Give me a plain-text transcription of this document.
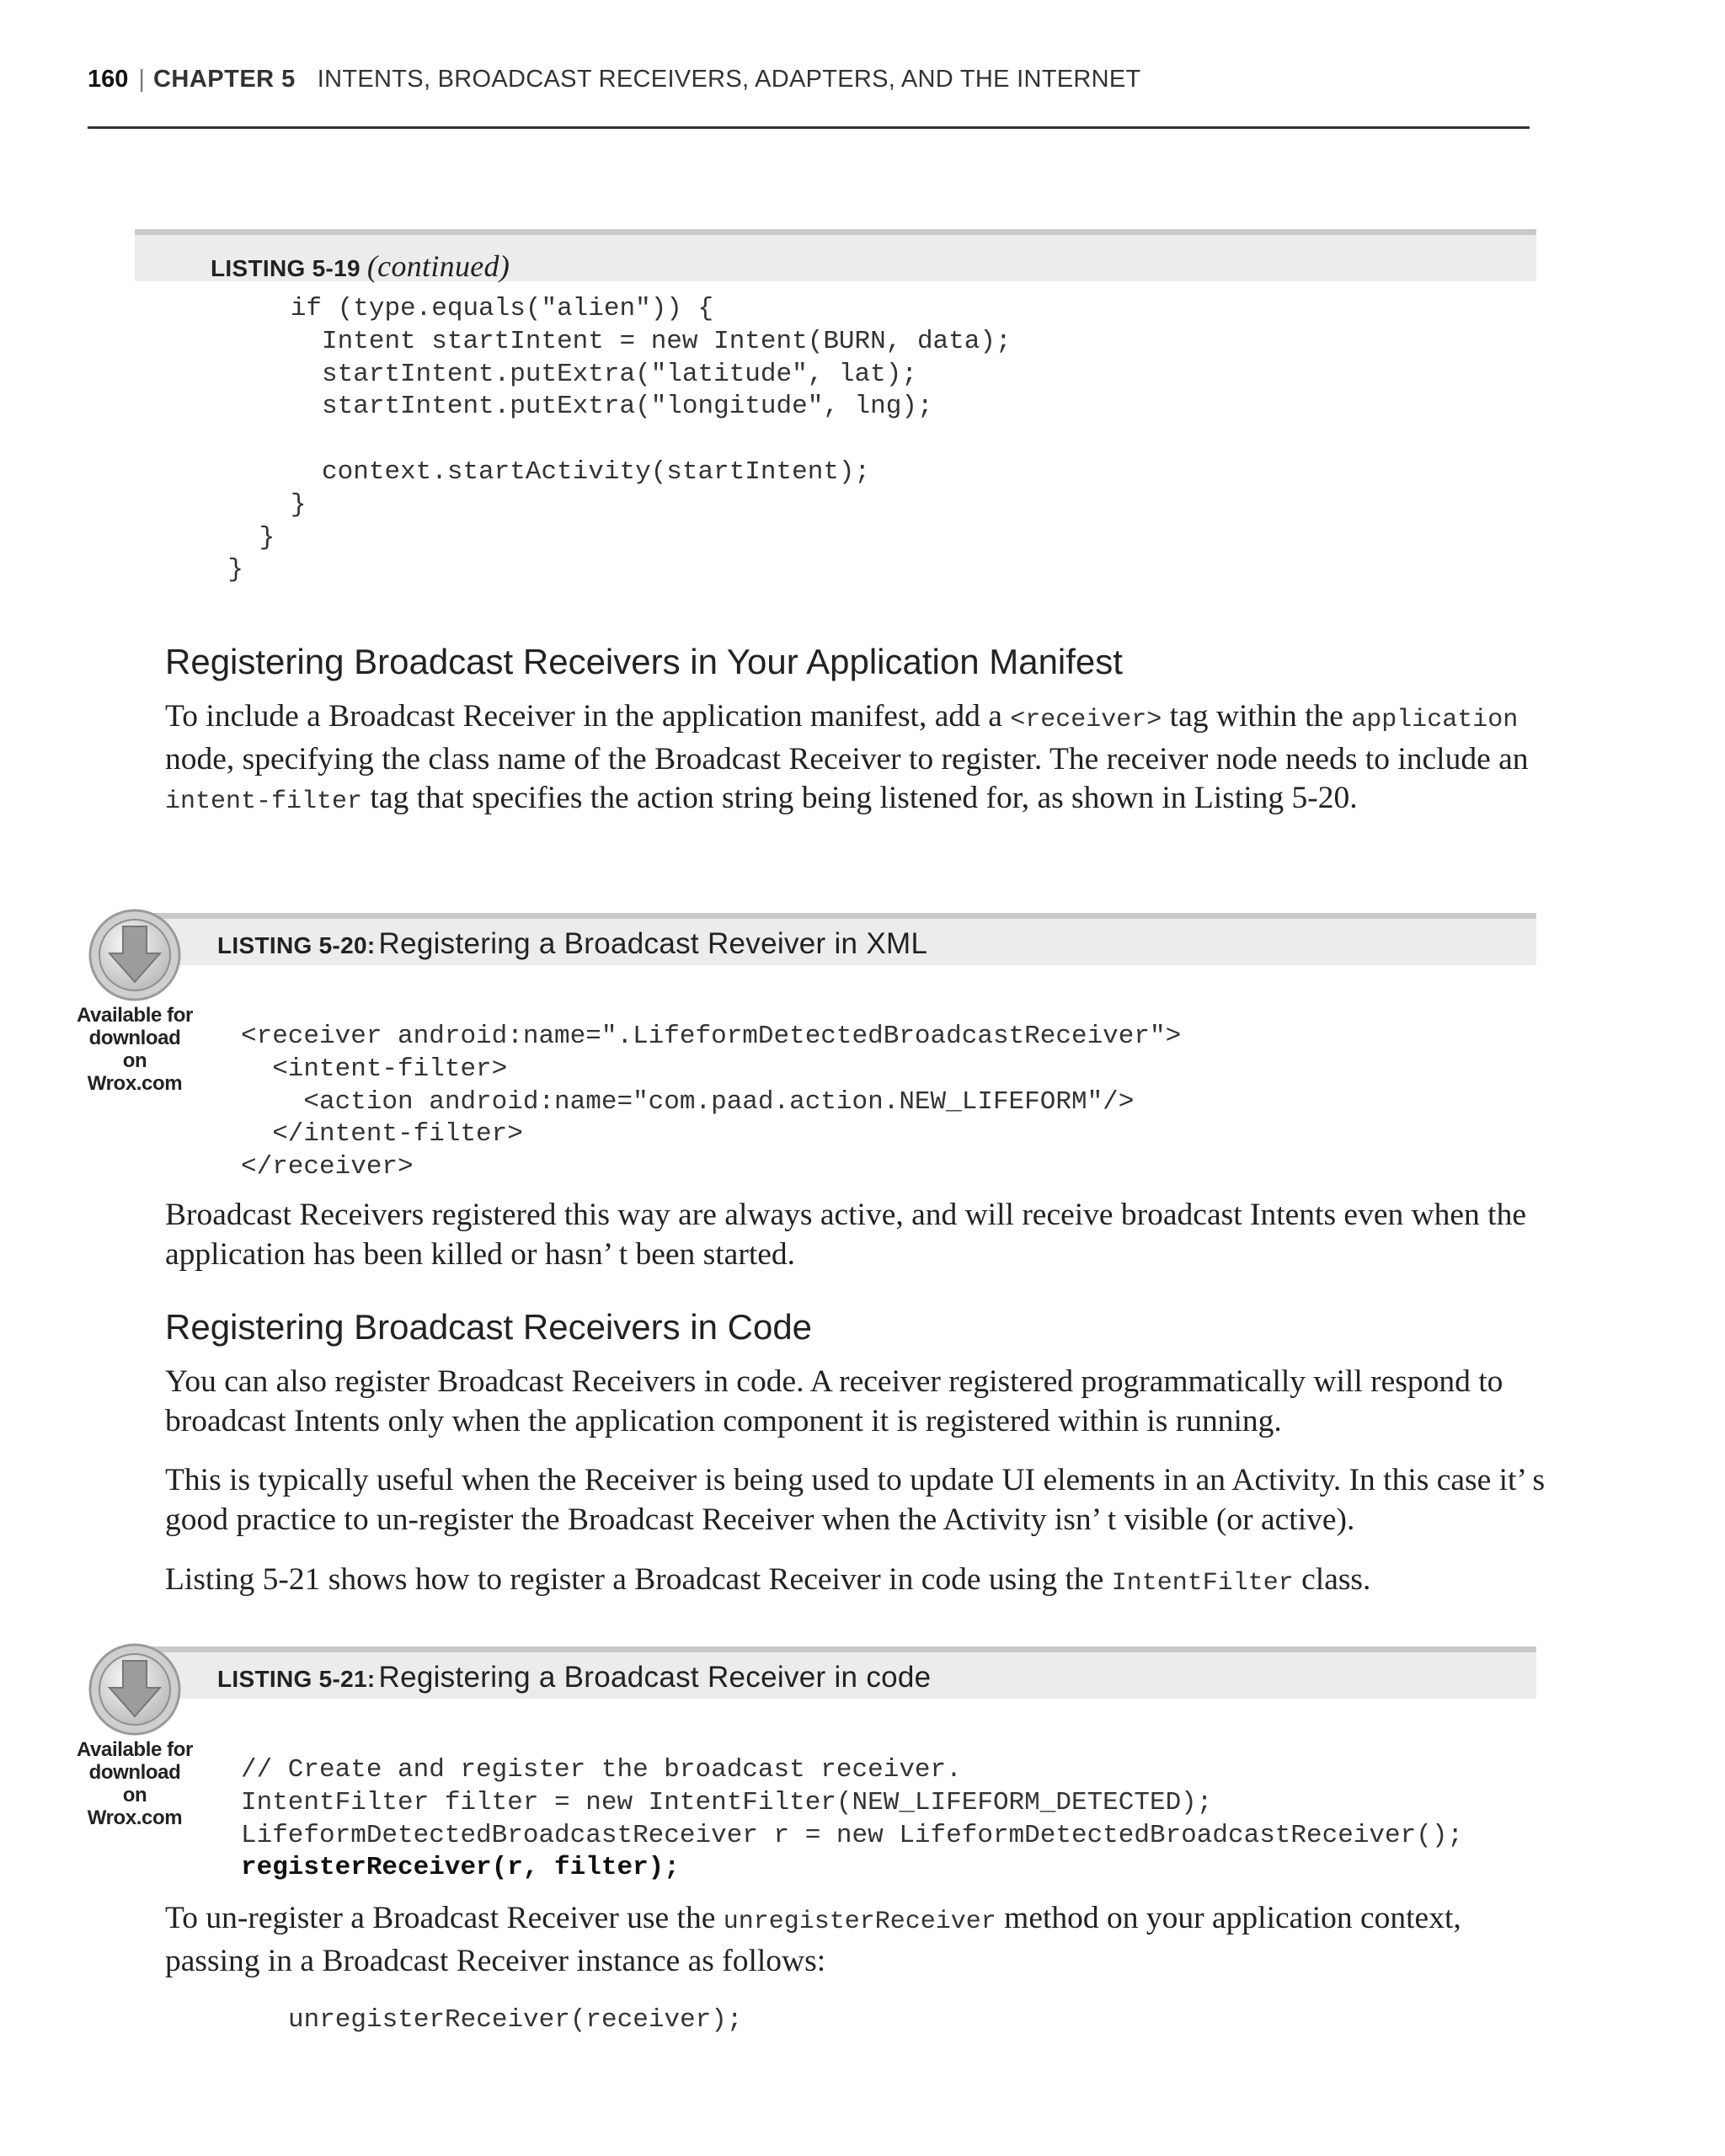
160 | CHAPTER 5 INTENTS, BROADCAST RECEIVERS, ADAPTERS, AND THE INTERNET
LISTING 5-19 (continued)
if (type.equals("alien")) {
Intent startIntent = new Intent(BURN, data);
startIntent.putExtra("latitude", lat);
startIntent.putExtra("longitude", lng);

context.startActivity(startIntent);
}
}
}
Registering Broadcast Receivers in Your Application Manifest

To include a Broadcast Receiver in the application manifest, add a <receiver> tag within the application node, specifying the class name of the Broadcast Receiver to register. The receiver node needs to include an intent-filter tag that specifies the action string being listened for, as shown in Listing 5-20.

LISTING 5-20: Registering a Broadcast Reveiver in XML
Available for
download on
Wrox.com
<receiver android:name=".LifeformDetectedBroadcastReceiver">
<intent-filter>
<action android:name="com.paad.action.NEW_LIFEFORM"/>
</intent-filter>
</receiver>

Broadcast Receivers registered this way are always active, and will receive broadcast Intents even when the application has been killed or hasn’ t been started.

Registering Broadcast Receivers in Code

You can also register Broadcast Receivers in code. A receiver registered programmatically will respond to broadcast Intents only when the application component it is registered within is running.

This is typically useful when the Receiver is being used to update UI elements in an Activity. In this case it’ s good practice to un-register the Broadcast Receiver when the Activity isn’ t visible (or active).

Listing 5-21 shows how to register a Broadcast Receiver in code using the IntentFilter class.

LISTING 5-21: Registering a Broadcast Receiver in code
Available for
download on
Wrox.com
// Create and register the broadcast receiver.
IntentFilter filter = new IntentFilter(NEW_LIFEFORM_DETECTED);
LifeformDetectedBroadcastReceiver r = new LifeformDetectedBroadcastReceiver();
registerReceiver(r, filter);

To un-register a Broadcast Receiver use the unregisterReceiver method on your application context, passing in a Broadcast Receiver instance as follows:

unregisterReceiver(receiver);
